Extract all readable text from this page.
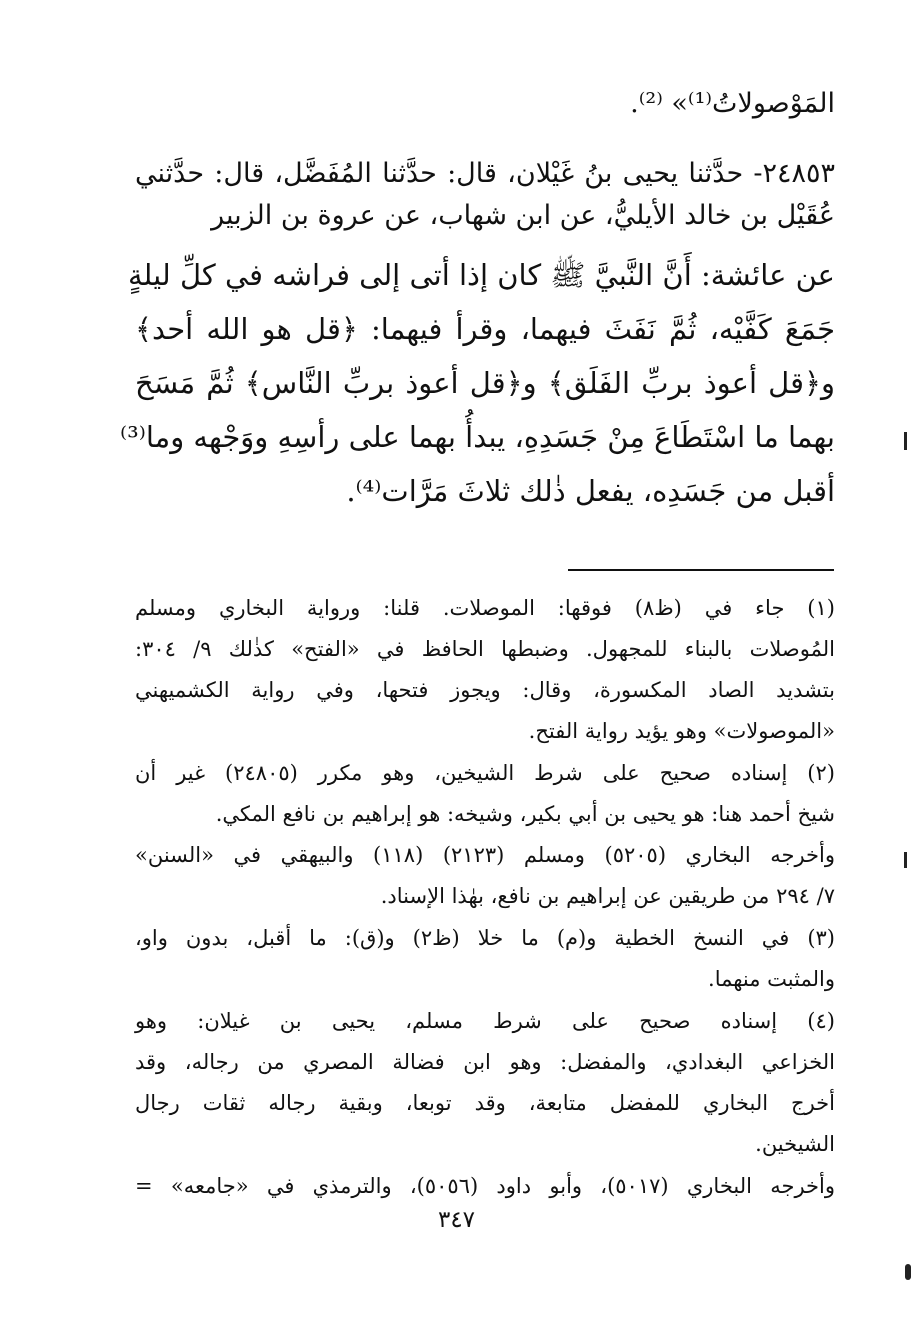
المَوْصولاتُ⁽¹⁾» ⁽²⁾.
٢٤٨٥٣- حدَّثنا يحيى بنُ غَيْلان، قال: حدَّثنا المُفَضَّل، قال: حدَّثني
عُقَيْل بن خالد الأيليُّ، عن ابن شهاب، عن عروة بن الزبير
عن عائشة: أَنَّ النَّبيَّ ﷺ كان إذا أتى إلى فراشه في كلِّ ليلةٍ
جَمَعَ كَفَّيْه، ثُمَّ نَفَثَ فيهما، وقرأ فيهما: ﴿قل هو الله أحد﴾
و﴿قل أعوذ بربِّ الفَلَق﴾ و﴿قل أعوذ بربِّ النَّاس﴾ ثُمَّ مَسَحَ
بهما ما اسْتَطَاعَ مِنْ جَسَدِهِ، يبدأُ بهما على رأسِهِ ووَجْهه وما⁽³⁾
أقبل من جَسَدِه، يفعل ذٰلك ثلاثَ مَرَّات⁽⁴⁾.
(١) جاء في (ظ٨) فوقها: الموصلات. قلنا: ورواية البخاري ومسلم
المُوصلات بالبناء للمجهول. وضبطها الحافظ في «الفتح» كذٰلك ٩/ ٣٠٤:
بتشديد الصاد المكسورة، وقال: ويجوز فتحها، وفي رواية الكشميهني
«الموصولات» وهو يؤيد رواية الفتح.
(٢) إسناده صحيح على شرط الشيخين، وهو مكرر (٢٤٨٠٥) غير أن
شيخ أحمد هنا: هو يحيى بن أبي بكير، وشيخه: هو إبراهيم بن نافع المكي.
وأخرجه البخاري (٥٢٠٥) ومسلم (٢١٢٣) (١١٨) والبيهقي في «السنن»
٧/ ٢٩٤ من طريقين عن إبراهيم بن نافع، بهٰذا الإسناد.
(٣) في النسخ الخطية و(م) ما خلا (ظ٢) و(ق): ما أقبل، بدون واو،
والمثبت منهما.
(٤) إسناده صحيح على شرط مسلم، يحيى بن غيلان: وهو
الخزاعي البغدادي، والمفضل: وهو ابن فضالة المصري من رجاله، وقد
أخرج البخاري للمفضل متابعة، وقد توبعا، وبقية رجاله ثقات رجال
الشيخين.
وأخرجه البخاري (٥٠١٧)، وأبو داود (٥٠٥٦)، والترمذي في «جامعه» =
٣٤٧
